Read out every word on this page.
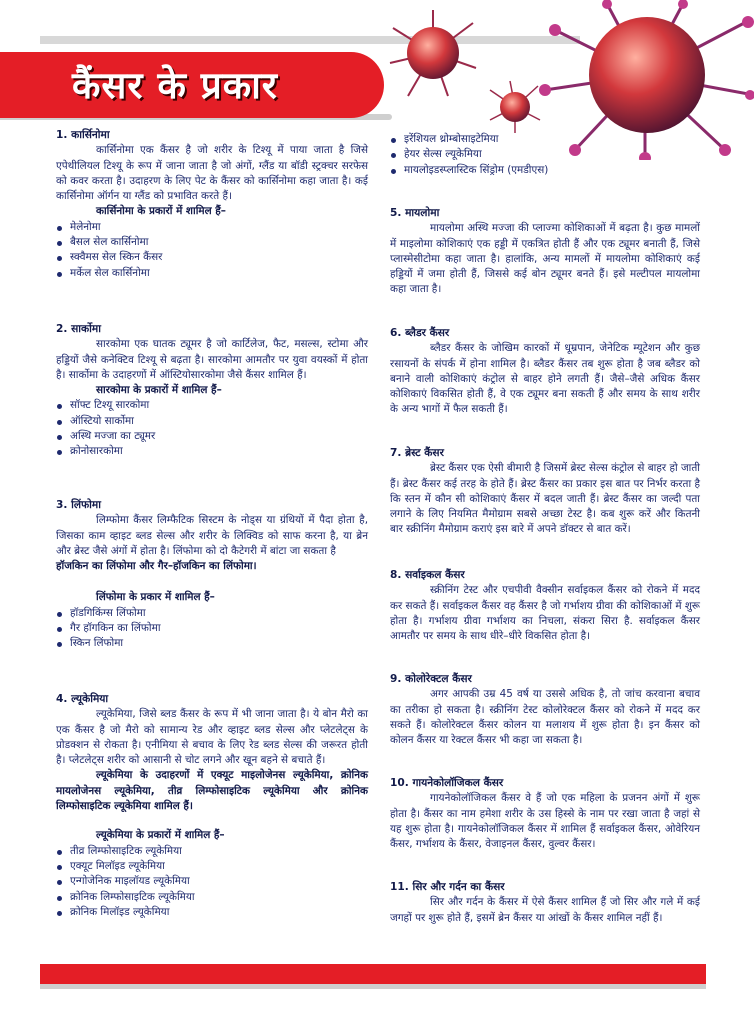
कैंसर के प्रकार
1. कार्सिनोमा
कार्सिनोमा एक कैंसर है जो शरीर के टिश्यू में पाया जाता है जिसे एपेथीलियल टिश्यू के रूप में जाना जाता है जो अंगों, ग्लैंड या बॉडी स्ट्रक्चर सरफेस को कवर करता है। उदाहरण के लिए पेट के कैंसर को कार्सिनोमा कहा जाता है। कई कार्सिनोमा ऑर्गन या ग्लैंड को प्रभावित करते हैं।
कार्सिनोमा के प्रकारों में शामिल हैं–
मेलेनोमा
बैसल सेल कार्सिनोमा
स्क्वैमस सेल स्किन कैंसर
मर्केल सेल कार्सिनोमा
2. सार्कोमा
सारकोमा एक घातक ट्यूमर है जो कार्टिलेज, फैट, मसल्स, स्टोमा और हड्डियों जैसे कनेक्टिव टिश्यू से बढ़ता है। सारकोमा आमतौर पर युवा वयस्कों में होता है। सार्कोमा के उदाहरणों में ऑस्टियोसारकोमा जैसे कैंसर शामिल हैं।
सारकोमा के प्रकारों में शामिल हैं–
सॉफ्ट टिश्यू सारकोमा
ऑस्टियो सार्कोमा
अस्थि मज्जा का ट्यूमर
क्रोनोसारकोमा
3. लिंफोमा
लिम्फोमा कैंसर लिम्फैटिक सिस्टम के नोड्स या ग्रंथियों में पैदा होता है, जिसका काम व्हाइट ब्लड सेल्स और शरीर के लिक्विड को साफ करना है, या ब्रेन और ब्रेस्ट जैसे अंगों में होता है। लिंफोमा को दो कैटेगरी में बांटा जा सकता है
हॉजकिन का लिंफोमा और गैर–हॉजकिन का लिंफोमा।
लिंफोमा के प्रकार में शामिल हैं–
हॉडगिकिंग्स लिंफोमा
गैर हॉगकिन का लिंफोमा
स्किन लिंफोमा
4. ल्यूकेमिया
ल्यूकेमिया, जिसे ब्लड कैंसर के रूप में भी जाना जाता है। ये बोन मैरो का एक कैंसर है जो मैरो को सामान्य रेड और व्हाइट ब्लड सेल्स और प्लेटलेट्स के प्रोडक्शन से रोकता है। एनीमिया से बचाव के लिए रेड ब्लड सेल्स की जरूरत होती है। प्लेटलेट्स शरीर को आसानी से चोट लगने और खून बहने से बचाते हैं।
ल्यूकेमिया के उदाहरणों में एक्यूट माइलोजेनस ल्यूकेमिया, क्रोनिक मायलोजेनस ल्यूकेमिया, तीव्र लिम्फोसाइटिक ल्यूकेमिया और क्रोनिक लिम्फोसाइटिक ल्यूकेमिया शामिल हैं।
ल्यूकेमिया के प्रकारों में शामिल हैं–
तीव्र लिम्फोसाइटिक ल्यूकेमिया
एक्यूट मिलॉइड ल्यूकेमिया
एन्गोजेनिक माइलॉयड ल्यूकेमिया
क्रोनिक लिम्फोसाइटिक ल्यूकेमिया
क्रोनिक मिलॉइड ल्यूकेमिया
इरेंशियल थ्रोम्बोसाइटेमिया
हेयर सेल्स ल्यूकेमिया
मायलोइडस्प्लास्टिक सिंड्रोम (एमडीएस)
5. मायलोमा
मायलोमा अस्थि मज्जा की प्लाज्मा कोशिकाओं में बढ़ता है। कुछ मामलों में माइलोमा कोशिकाएं एक हड्डी में एकत्रित होती हैं और एक ट्यूमर बनाती हैं, जिसे प्लास्मेसीटोमा कहा जाता है। हालांकि, अन्य मामलों में मायलोमा कोशिकाएं कई हड्डियों में जमा होती हैं, जिससे कई बोन ट्यूमर बनते हैं। इसे मल्टीपल मायलोमा कहा जाता है।
6. ब्लैडर कैंसर
ब्लैडर कैंसर के जोखिम कारकों में धूम्रपान, जेनेटिक म्यूटेशन और कुछ रसायनों के संपर्क में होना शामिल है। ब्लैडर कैंसर तब शुरू होता है जब ब्लैडर को बनाने वाली कोशिकाएं कंट्रोल से बाहर होने लगती हैं। जैसे–जैसे अधिक कैंसर कोशिकाएं विकसित होती हैं, वे एक ट्यूमर बना सकती हैं और समय के साथ शरीर के अन्य भागों में फैल सकती हैं।
7. ब्रेस्ट कैंसर
ब्रेस्ट कैंसर एक ऐसी बीमारी है जिसमें ब्रेस्ट सेल्स कंट्रोल से बाहर हो जाती हैं। ब्रेस्ट कैंसर कई तरह के होते हैं। ब्रेस्ट कैंसर का प्रकार इस बात पर निर्भर करता है कि स्तन में कौन सी कोशिकाएं कैंसर में बदल जाती हैं। ब्रेस्ट कैंसर का जल्दी पता लगाने के लिए नियमित मैमोग्राम सबसे अच्छा टेस्ट है। कब शुरू करें और कितनी बार स्क्रीनिंग मैमोग्राम कराएं इस बारे में अपने डॉक्टर से बात करें।
8. सर्वाइकल कैंसर
स्क्रीनिंग टेस्ट और एचपीवी वैक्सीन सर्वाइकल कैंसर को रोकने में मदद कर सकते हैं। सर्वाइकल कैंसर वह कैंसर है जो गर्भाशय ग्रीवा की कोशिकाओं में शुरू होता है। गर्भाशय ग्रीवा गर्भाशय का निचला, संकरा सिरा है. सर्वाइकल कैंसर आमतौर पर समय के साथ धीरे–धीरे विकसित होता है।
9. कोलोरेक्टल कैंसर
अगर आपकी उम्र 45 वर्ष या उससे अधिक है, तो जांच करवाना बचाव का तरीका हो सकता है। स्क्रीनिंग टेस्ट कोलोरेक्टल कैंसर को रोकने में मदद कर सकते हैं। कोलोरेक्टल कैंसर कोलन या मलाशय में शुरू होता है। इन कैंसर को कोलन कैंसर या रेक्टल कैंसर भी कहा जा सकता है।
10. गायनेकोलॉजिकल कैंसर
गायनेकोलॉजिकल कैंसर वे हैं जो एक महिला के प्रजनन अंगों में शुरू होता है। कैंसर का नाम हमेशा शरीर के उस हिस्से के नाम पर रखा जाता है जहां से यह शुरू होता है। गायनेकोलॉजिकल कैंसर में शामिल हैं सर्वाइकल कैंसर, ओवेरियन कैंसर, गर्भाशय के कैंसर, वेजाइनल कैंसर, वुल्वर कैंसर।
11. सिर और गर्दन का कैंसर
सिर और गर्दन के कैंसर में ऐसे कैंसर शामिल हैं जो सिर और गले में कई जगहों पर शुरू होते हैं, इसमें ब्रेन कैंसर या आंखों के कैंसर शामिल नहीं हैं।
